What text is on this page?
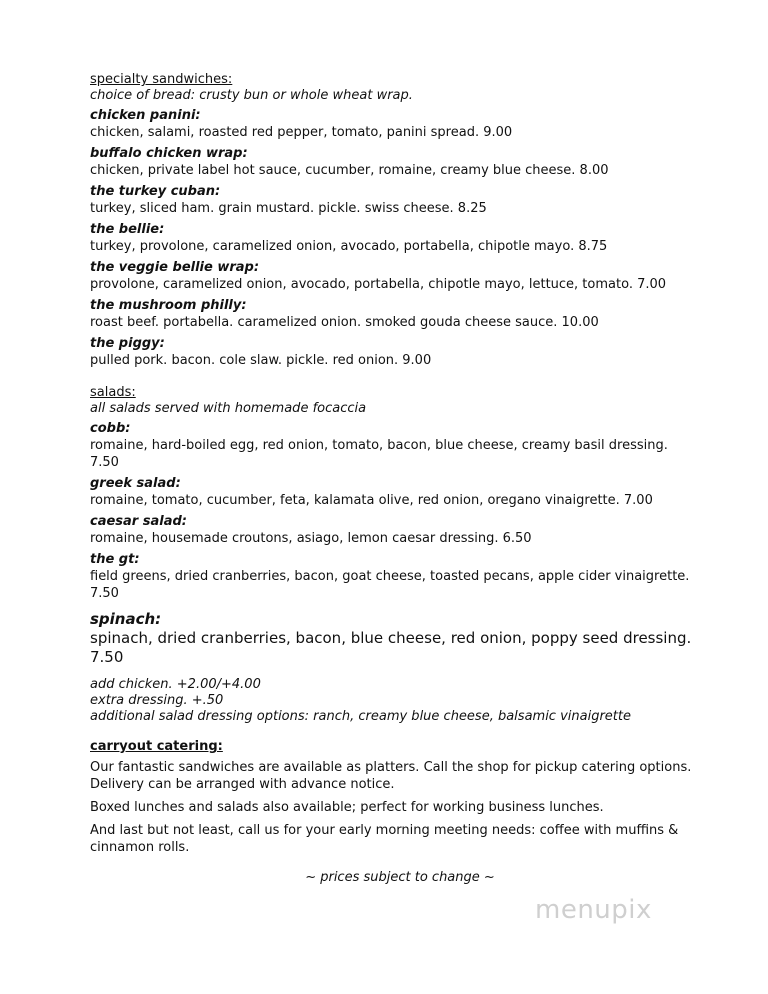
specialty sandwiches:

choice of bread: crusty bun or whole wheat wrap.

chicken panini:

chicken, salami, roasted red pepper, tomato, panini spread. 9.00

buffalo chicken wrap:

chicken, private label hot sauce, cucumber, romaine, creamy blue cheese. 8.00

the turkey cuban:

turkey, sliced ham. grain mustard. pickle. swiss cheese. 8.25

the bellie:

turkey, provolone, caramelized onion, avocado, portabella, chipotle mayo. 8.75

the veggie bellie wrap:

provolone, caramelized onion, avocado, portabella, chipotle mayo, lettuce, tomato. 7.00

the mushroom philly:

roast beef. portabella. caramelized onion. smoked gouda cheese sauce. 10.00

the piggy:

pulled pork. bacon. cole slaw. pickle. red onion. 9.00

salads:

all salads served with homemade focaccia

cobb:

romaine, hard-boiled egg, red onion, tomato, bacon, blue cheese, creamy basil dressing.

7.50

greek salad:

romaine, tomato, cucumber, feta, kalamata olive, red onion, oregano vinaigrette. 7.00

caesar salad:

romaine, housemade croutons, asiago, lemon caesar dressing. 6.50

the gt:

field greens, dried cranberries, bacon, goat cheese, toasted pecans, apple cider vinaigrette.

7.50

spinach:

spinach, dried cranberries, bacon, blue cheese, red onion, poppy seed dressing.

7.50

add chicken. +2.00/+4.00

extra dressing. +.50

additional salad dressing options: ranch, creamy blue cheese, balsamic vinaigrette

carryout catering:

Our fantastic sandwiches are available as platters. Call the shop for pickup catering options. Delivery can be arranged with advance notice.

Boxed lunches and salads also available; perfect for working business lunches.

And last but not least, call us for your early morning meeting needs: coffee with muffins & cinnamon rolls.

~ prices subject to change ~

menupix
